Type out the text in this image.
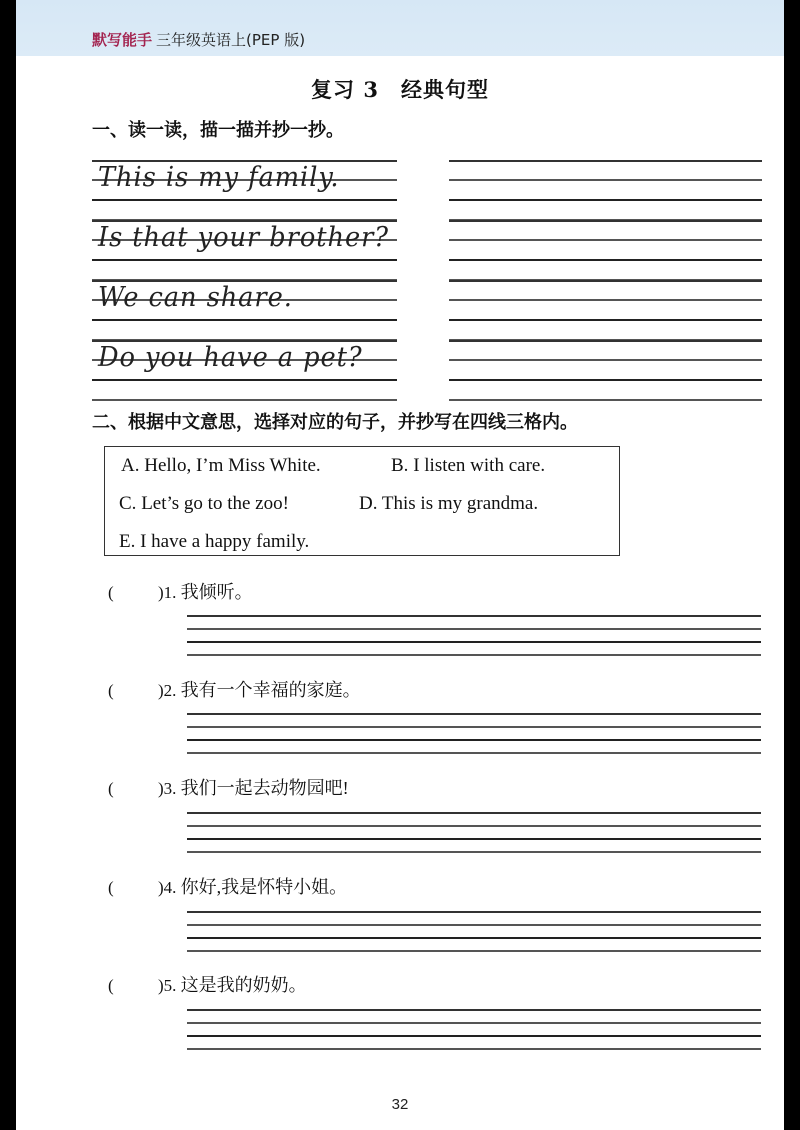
默写能手 三年级英语上(PEP 版)
复习 3　经典句型
一、读一读，描一描并抄一抄。
This is my family.
Is that your brother?
We can share.
Do you have a pet?
二、根据中文意思，选择对应的句子，并抄写在四线三格内。
A. Hello, I’m Miss White.	B. I listen with care.
C. Let’s go to the zoo!	D. This is my grandma.
E. I have a happy family.
(	)1. 我倾听。
(	)2. 我有一个幸福的家庭。
(	)3. 我们一起去动物园吧!
(	)4. 你好,我是怀特小姐。
(	)5. 这是我的奶奶。
32
